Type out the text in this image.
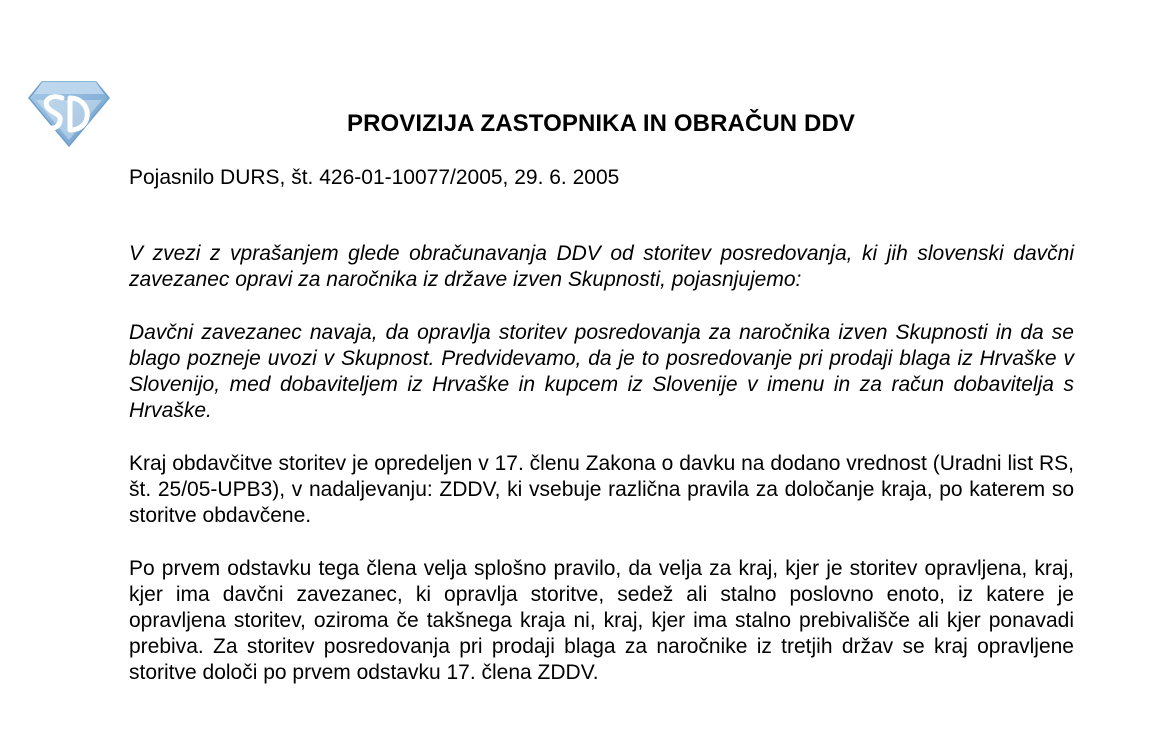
PROVIZIJA ZASTOPNIKA IN OBRAČUN DDV
Pojasnilo DURS, št. 426-01-10077/2005, 29. 6. 2005

V zvezi z vprašanjem glede obračunavanja DDV od storitev posredovanja, ki jih slovenski davčni zavezanec opravi za naročnika iz države izven Skupnosti, pojasnjujemo:

Davčni zavezanec navaja, da opravlja storitev posredovanja za naročnika izven Skupnosti in da se blago pozneje uvozi v Skupnost. Predvidevamo, da je to posredovanje pri prodaji blaga iz Hrvaške v Slovenijo, med dobaviteljem iz Hrvaške in kupcem iz Slovenije v imenu in za račun dobavitelja s Hrvaške.

Kraj obdavčitve storitev je opredeljen v 17. členu Zakona o davku na dodano vrednost (Uradni list RS, št. 25/05-UPB3), v nadaljevanju: ZDDV, ki vsebuje različna pravila za določanje kraja, po katerem so storitve obdavčene.

Po prvem odstavku tega člena velja splošno pravilo, da velja za kraj, kjer je storitev opravljena, kraj, kjer ima davčni zavezanec, ki opravlja storitve, sedež ali stalno poslovno enoto, iz katere je opravljena storitev, oziroma če takšnega kraja ni, kraj, kjer ima stalno prebivališče ali kjer ponavadi prebiva. Za storitev posredovanja pri prodaji blaga za naročnike iz tretjih držav se kraj opravljene storitve določi po prvem odstavku 17. člena ZDDV.
